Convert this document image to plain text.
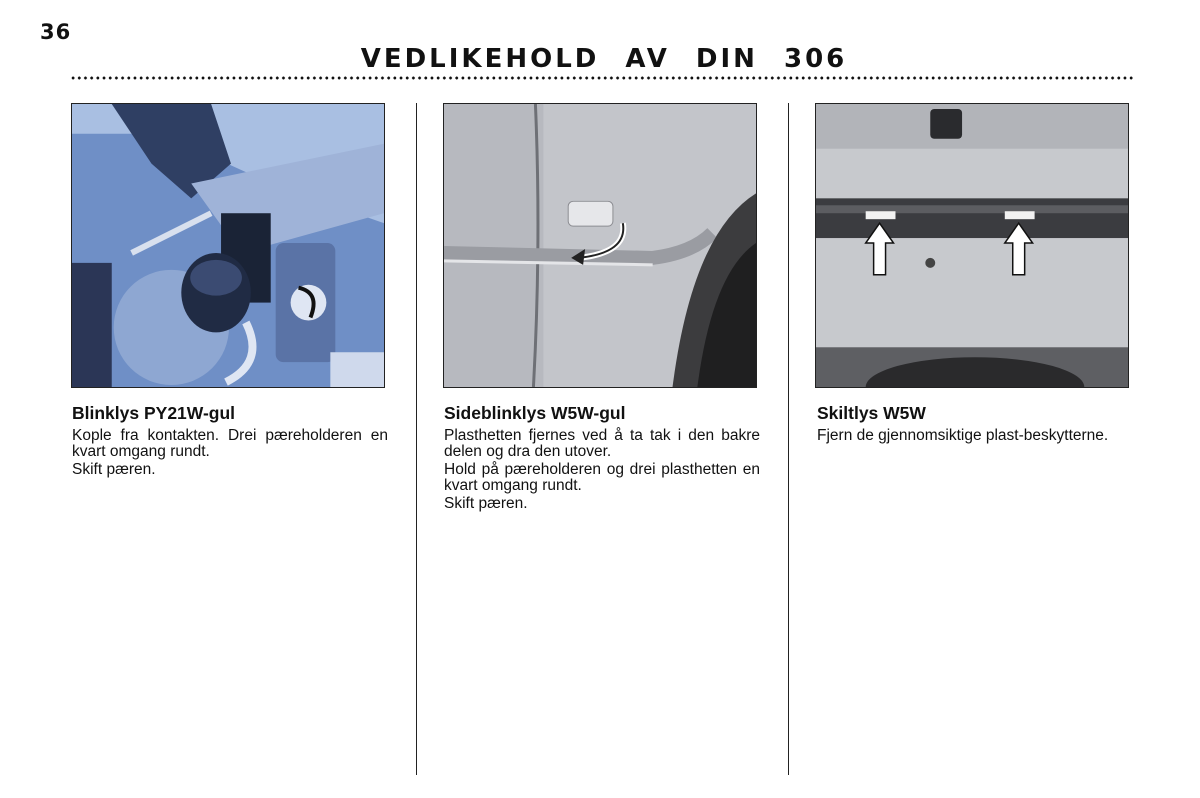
36
VEDLIKEHOLD AV DIN 306
Blinklys PY21W-gul

Kople fra kontakten. Drei pæreholderen en kvart omgang rundt.

Skift pæren.

Sideblinklys W5W-gul

Plasthetten fjernes ved å ta tak i den bakre delen og dra den utover.

Hold på pæreholderen og drei plasthetten en kvart omgang rundt.

Skift pæren.

Skiltlys W5W

Fjern de gjennomsiktige plast-beskytterne.
